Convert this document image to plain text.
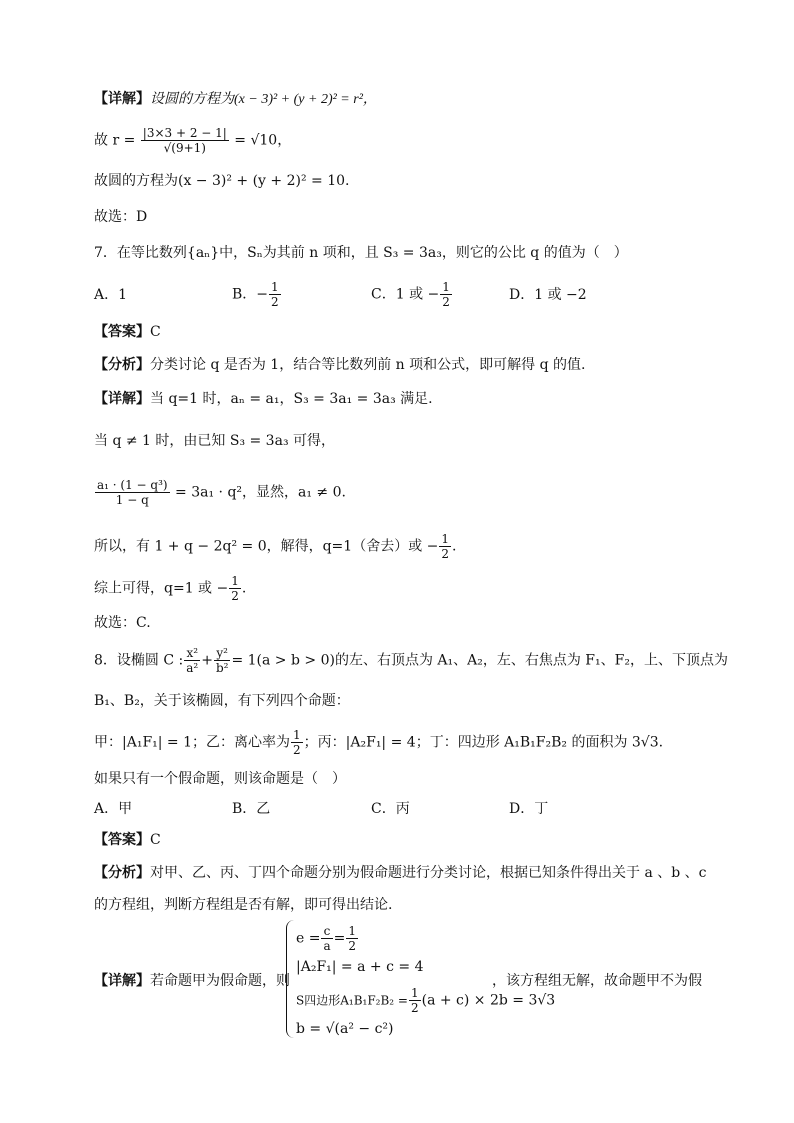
【详解】设圆的方程为(x − 3)² + (y + 2)² = r²，
故 $r = \frac{|3\times 3 + 2 - 1|}{√(9+1)} = √10$，
故圆的方程为(x − 3)² + (y + 2)² = 10.
故选：D
7．在等比数列{aₙ}中，Sₙ为其前 n 项和，且 S₃ = 3a₃，则它的公比 q 的值为（　）
A．1	B．− $\frac{1}{2}$	C．1 或 − $\frac{1}{2}$	D．1 或 −2
【答案】C
【分析】分类讨论 q 是否为 1，结合等比数列前 n 项和公式，即可解得 q 的值.
【详解】当 q=1 时，aₙ = a₁，S₃ = 3a₁ = 3a₃ 满足.
当 q ≠ 1 时，由已知 S₃ = 3a₃ 可得，
$\frac{\text{a₁ · (1 − q³)}}{1 - q} = 3a_1 \cdot q^2$，显然，a₁ ≠ 0.
所以，有 1 + q − 2q² = 0，解得，q=1（舍去）或 − $\frac{1}{2}$ .
综上可得，q=1 或 − $\frac{1}{2}$ .
故选：C.
8．设椭圆 C : $\frac{\text{x²}}{\text{a²}} + \frac{\text{y²}}{\text{b²}} = 1(a > b > 0)$的左、右顶点为 A₁、A₂，左、右焦点为 F₁、F₂，上、下顶点为
B₁、B₂，关于该椭圆，有下列四个命题：
甲：|A₁F₁| = 1；乙：离心率为 $\frac{1}{2}$ ；丙：|A₂F₁| = 4；丁：四边形 A₁B₁F₂B₂ 的面积为 3√3.
如果只有一个假命题，则该命题是（　）
A．甲	B．乙	C．丙	D．丁
【答案】C
【分析】对甲、乙、丙、丁四个命题分别为假命题进行分类讨论，根据已知条件得出关于 a 、b 、c
的方程组，判断方程组是否有解，即可得出结论.
【详解】若命题甲为假命题，则
$e = \frac{c}{a} = \frac{1}{2}$
|A₂F₁| = a + c = 4
S四边形$A_1B_1F_2B_2 = \frac{1}{2} (a + c) \times 2b = 3√3$
b = √(a² − c²)
，该方程组无解，故命题甲不为假
